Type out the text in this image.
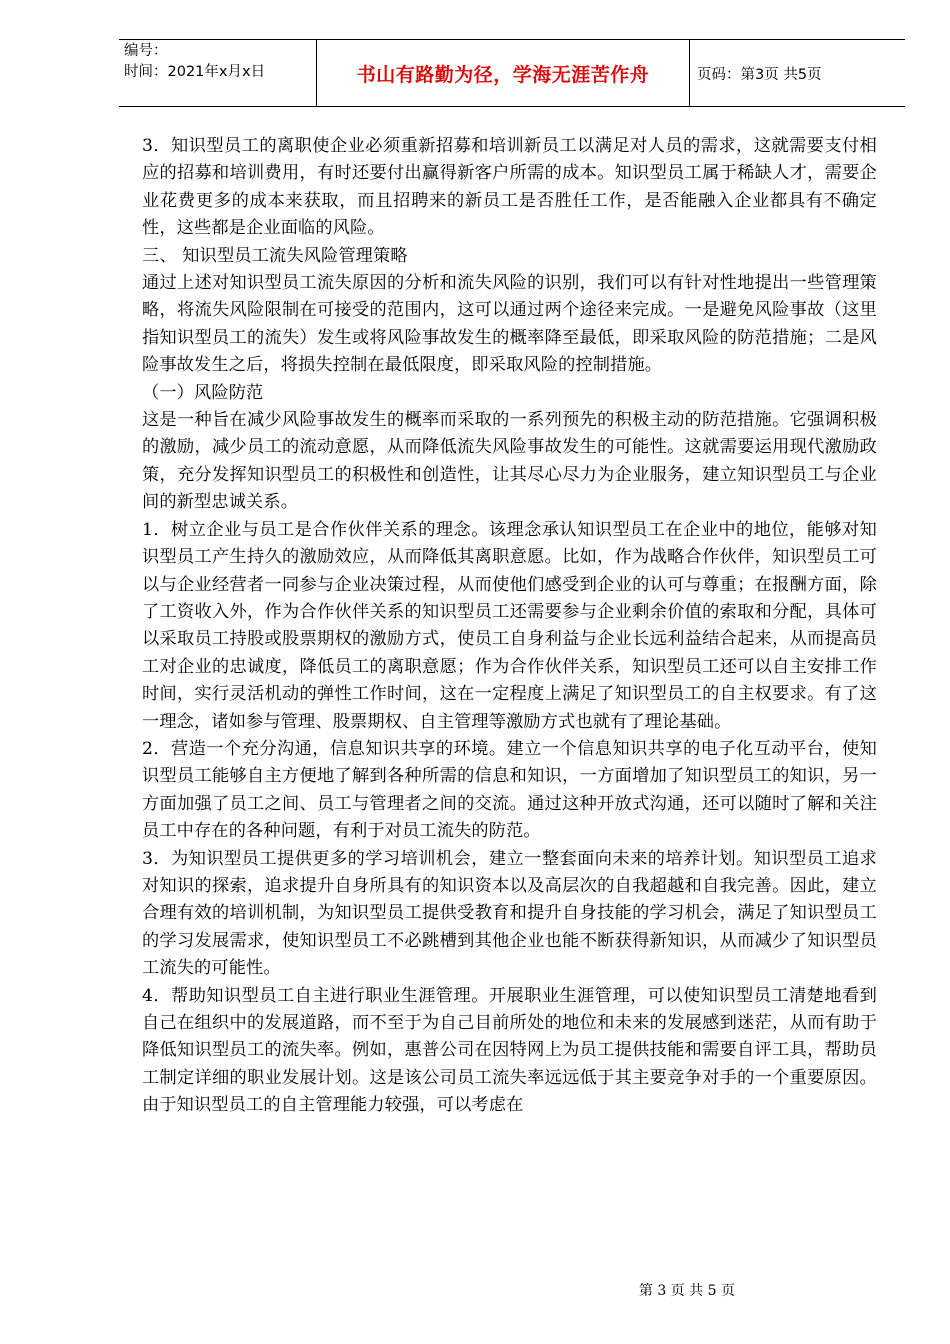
编号：
时间：2021年x月x日	书山有路勤为径，学海无涯苦作舟	页码：第3页 共5页

3．知识型员工的离职使企业必须重新招募和培训新员工以满足对人员的需求，这就需要支付相应的招募和培训费用，有时还要付出赢得新客户所需的成本。知识型员工属于稀缺人才，需要企业花费更多的成本来获取，而且招聘来的新员工是否胜任工作，是否能融入企业都具有不确定性，这些都是企业面临的风险。

三、 知识型员工流失风险管理策略

通过上述对知识型员工流失原因的分析和流失风险的识别，我们可以有针对性地提出一些管理策略，将流失风险限制在可接受的范围内，这可以通过两个途径来完成。一是避免风险事故（这里指知识型员工的流失）发生或将风险事故发生的概率降至最低，即采取风险的防范措施；二是风险事故发生之后，将损失控制在最低限度，即采取风险的控制措施。

（一）风险防范

这是一种旨在减少风险事故发生的概率而采取的一系列预先的积极主动的防范措施。它强调积极的激励，减少员工的流动意愿，从而降低流失风险事故发生的可能性。这就需要运用现代激励政策，充分发挥知识型员工的积极性和创造性，让其尽心尽力为企业服务，建立知识型员工与企业间的新型忠诚关系。

1．树立企业与员工是合作伙伴关系的理念。该理念承认知识型员工在企业中的地位，能够对知识型员工产生持久的激励效应，从而降低其离职意愿。比如，作为战略合作伙伴，知识型员工可以与企业经营者一同参与企业决策过程，从而使他们感受到企业的认可与尊重；在报酬方面，除了工资收入外，作为合作伙伴关系的知识型员工还需要参与企业剩余价值的索取和分配，具体可以采取员工持股或股票期权的激励方式，使员工自身利益与企业长远利益结合起来，从而提高员工对企业的忠诚度，降低员工的离职意愿；作为合作伙伴关系，知识型员工还可以自主安排工作时间，实行灵活机动的弹性工作时间，这在一定程度上满足了知识型员工的自主权要求。有了这一理念，诸如参与管理、股票期权、自主管理等激励方式也就有了理论基础。

2．营造一个充分沟通，信息知识共享的环境。建立一个信息知识共享的电子化互动平台，使知识型员工能够自主方便地了解到各种所需的信息和知识，一方面增加了知识型员工的知识，另一方面加强了员工之间、员工与管理者之间的交流。通过这种开放式沟通，还可以随时了解和关注员工中存在的各种问题，有利于对员工流失的防范。

3．为知识型员工提供更多的学习培训机会，建立一整套面向未来的培养计划。知识型员工追求对知识的探索，追求提升自身所具有的知识资本以及高层次的自我超越和自我完善。因此，建立合理有效的培训机制，为知识型员工提供受教育和提升自身技能的学习机会，满足了知识型员工的学习发展需求，使知识型员工不必跳槽到其他企业也能不断获得新知识，从而减少了知识型员工流失的可能性。

4．帮助知识型员工自主进行职业生涯管理。开展职业生涯管理，可以使知识型员工清楚地看到自己在组织中的发展道路，而不至于为自己目前所处的地位和未来的发展感到迷茫，从而有助于降低知识型员工的流失率。例如，惠普公司在因特网上为员工提供技能和需要自评工具，帮助员工制定详细的职业发展计划。这是该公司员工流失率远远低于其主要竞争对手的一个重要原因。由于知识型员工的自主管理能力较强，可以考虑在

第 3 页 共 5 页
